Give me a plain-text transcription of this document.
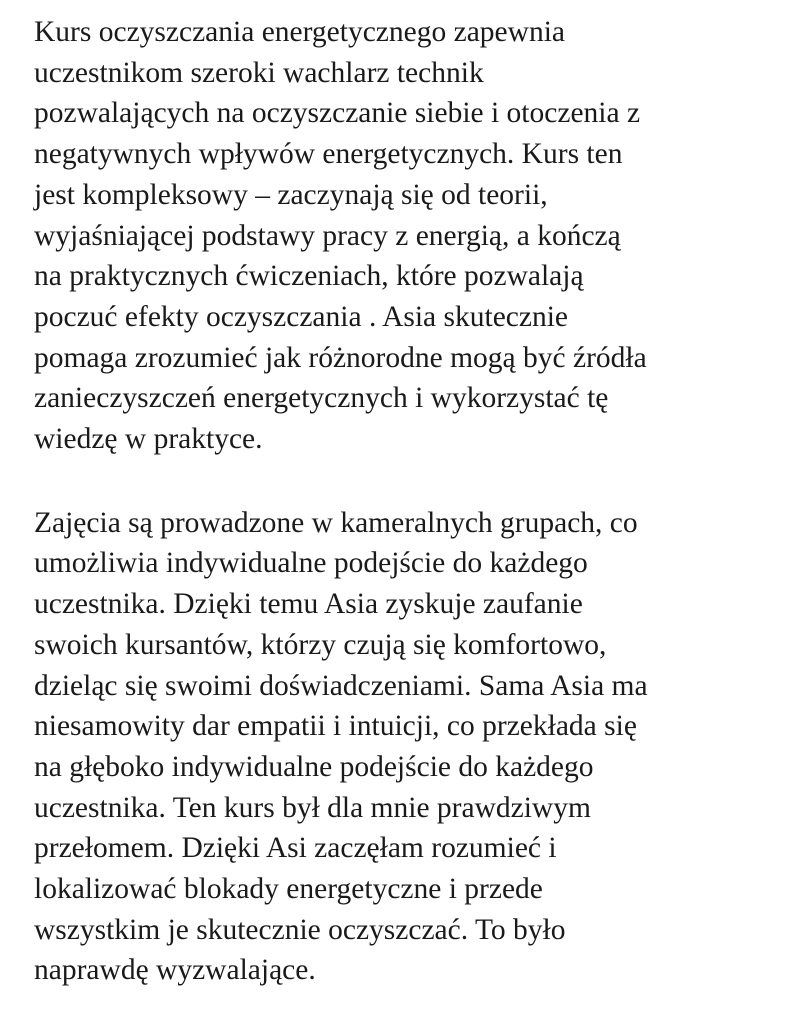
Kurs oczyszczania energetycznego zapewnia
uczestnikom szeroki wachlarz technik
pozwalających na oczyszczanie siebie i otoczenia z
negatywnych wpływów energetycznych. Kurs ten
jest kompleksowy – zaczynają się od teorii,
wyjaśniającej podstawy pracy z energią, a kończą
na praktycznych ćwiczeniach, które pozwalają
poczuć efekty oczyszczania . Asia skutecznie
pomaga zrozumieć jak różnorodne mogą być źródła
zanieczyszczeń energetycznych i wykorzystać tę
wiedzę w praktyce.

Zajęcia są prowadzone w kameralnych grupach, co
umożliwia indywidualne podejście do każdego
uczestnika. Dzięki temu Asia zyskuje zaufanie
swoich kursantów, którzy czują się komfortowo,
dzieląc się swoimi doświadczeniami. Sama Asia ma
niesamowity dar empatii i intuicji, co przekłada się
na głęboko indywidualne podejście do każdego
uczestnika. Ten kurs był dla mnie prawdziwym
przełomem. Dzięki Asi zaczęłam rozumieć i
lokalizować blokady energetyczne i przede
wszystkim je skutecznie oczyszczać. To było
naprawdę wyzwalające.
